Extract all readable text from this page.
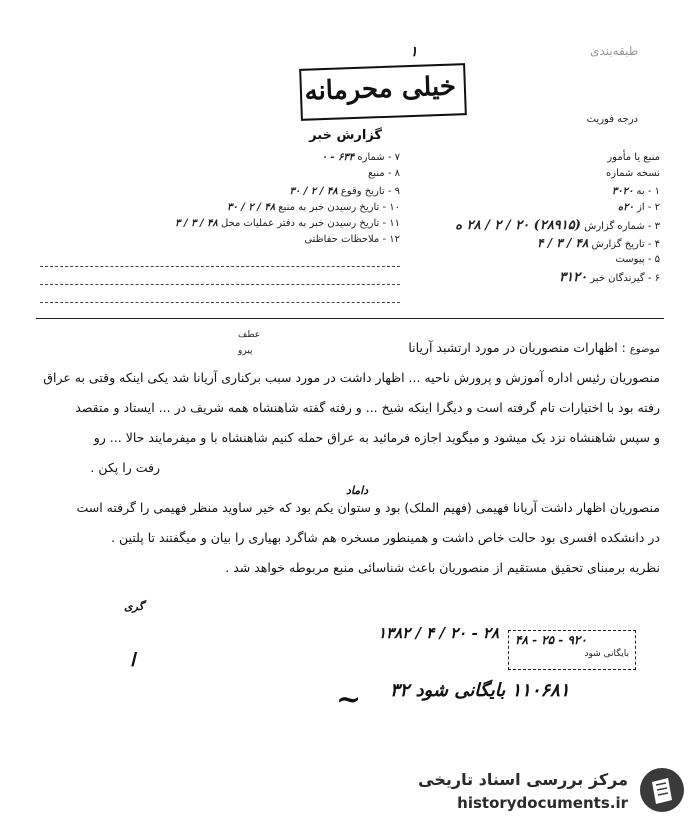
۱	طبقه‌بندی
خیلی محرمانه
درجه فوریت
گزارش خبر
منبع یا مأمور
نسخه شماره
۱ - به ۳۰۲۰
۲ - از ۲۰ه
۳ - شماره گزارش (۲۸۹۱۵) ۲۰ / ۲ / ۲۸ ه
۴ - تاریخ گزارش ۴۸ / ۳ / ۴
۵ - پیوست
۶ - گیرندگان خبر ۳۱۲۰
۷ - شماره ۶۳۴ - ۰
۸ - منبع
۹ - تاریخ وقوع ۴۸ / ۲ / ۳۰
۱۰ - تاریخ رسیدن خبر به منبع ۴۸ / ۲ / ۳۰
۱۱ - تاریخ رسیدن خبر به دفتر عملیات محل ۴۸ / ۳ / ۳
۱۲ - ملاحظات حفاظتی
عطف
پیرو	موضوع : اظهارات منصوریان در مورد ارتشبد آریانا
منصوریان رئیس اداره آموزش و پرورش ناحیه ... اظهار داشت در مورد سبب برکناری آریانا شد یکی اینکه وقتی به عراق
رفته بود با اختیارات تام گرفته است و دیگرا اینکه شیخ ... و رفته گفته شاهنشاه همه شریف در ... ایستاد و متقصد
و سپس شاهنشاه نزد یک میشود و میگوید اجازه فرمائید به عراق حمله کنیم شاهنشاه با و میفرمایند حالا ... رو
رفت را پکن .
داماد
منصوریان اظهار داشت آریانا فهیمی (فهیم الملک) بود و ستوان یکم بود که خیر ساوید منظر فهیمی را گرفته است
در دانشکده افسری بود حالت خاص داشت و همینطور مسخره هم شاگرد بهیاری را بیان و میگفتند تا پلتین .
نظریه برمبنای تحقیق مستقیم از منصوریان باعث شناسائی منبع مربوطه خواهد شد .
گری
ا
۱۳۸۲ / ۴ / ۲۰ - ۲۸	۴۸ - ۲۵ - ۹۲۰
بایگانی شود
۱۱۰۶۸۱ بایگانی شود ۳۲
~
مرکز بررسی اسناد تاریخی
historydocuments.ir
